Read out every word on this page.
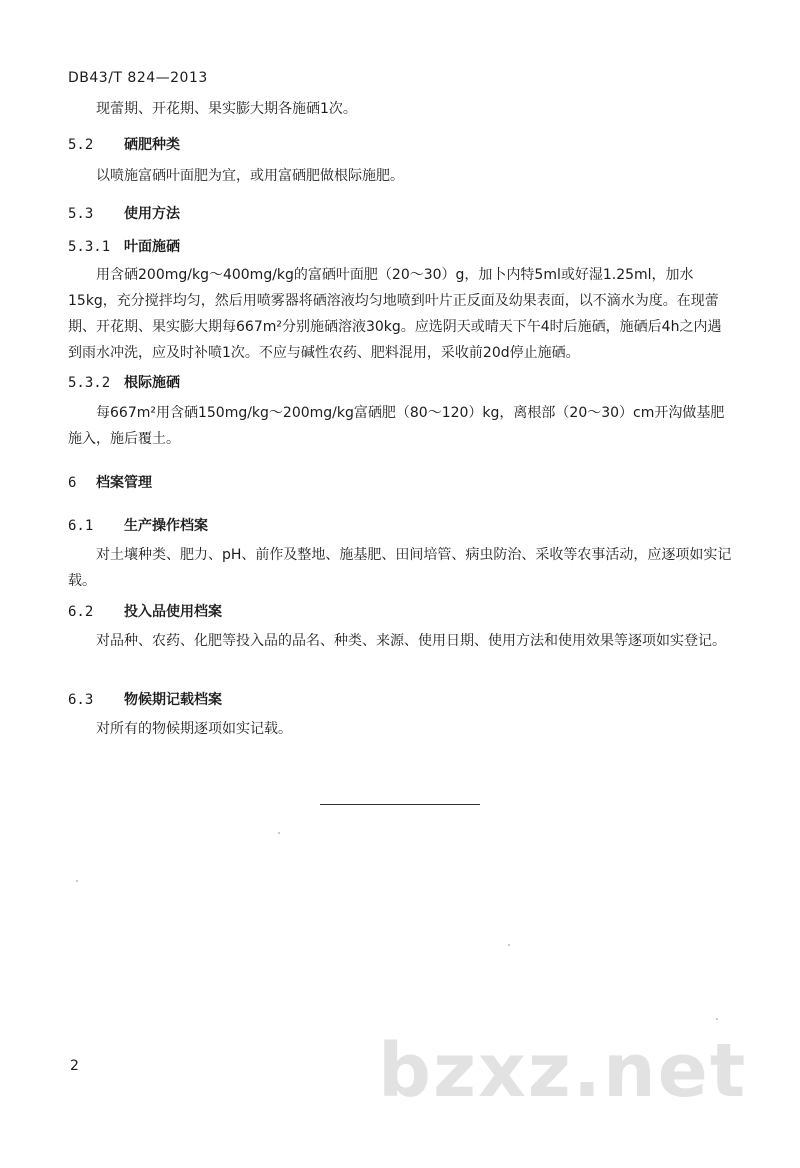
DB43/T 824—2013
现蕾期、开花期、果实膨大期各施硒1次。
5.2 硒肥种类
以喷施富硒叶面肥为宜，或用富硒肥做根际施肥。
5.3 使用方法
5.3.1 叶面施硒
用含硒200mg/kg～400mg/kg的富硒叶面肥（20～30）g，加卜内特5ml或好湿1.25ml，加水15kg，充分搅拌均匀，然后用喷雾器将硒溶液均匀地喷到叶片正反面及幼果表面，以不滴水为度。在现蕾期、开花期、果实膨大期每667m²分别施硒溶液30kg。应选阴天或晴天下午4时后施硒，施硒后4h之内遇到雨水冲洗，应及时补喷1次。不应与碱性农药、肥料混用，采收前20d停止施硒。
5.3.2 根际施硒
每667m²用含硒150mg/kg～200mg/kg富硒肥（80～120）kg，离根部（20～30）cm开沟做基肥施入，施后覆土。
6 档案管理
6.1 生产操作档案
对土壤种类、肥力、pH、前作及整地、施基肥、田间培管、病虫防治、采收等农事活动，应逐项如实记载。
6.2 投入品使用档案
对品种、农药、化肥等投入品的品名、种类、来源、使用日期、使用方法和使用效果等逐项如实登记。
6.3 物候期记载档案
对所有的物候期逐项如实记载。
bzxz.net
2
